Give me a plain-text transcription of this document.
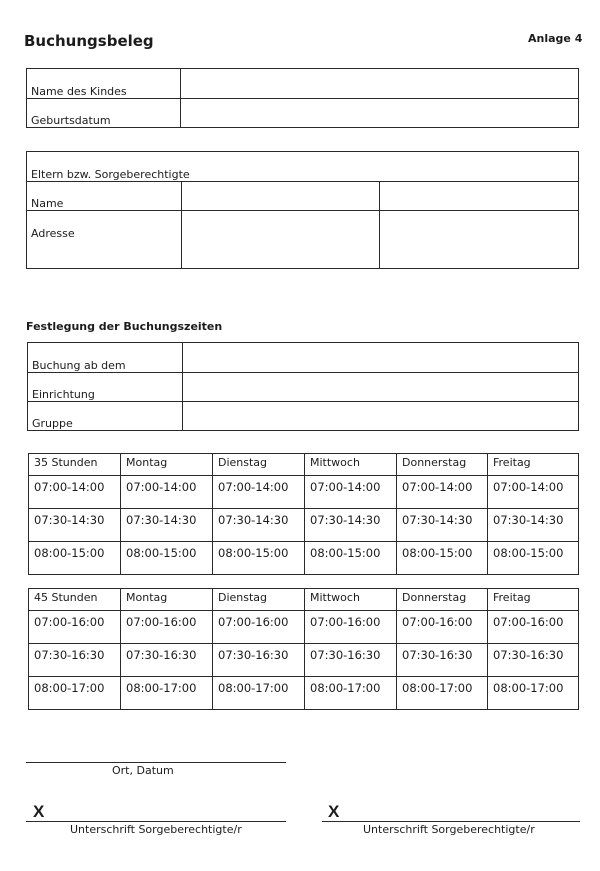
Buchungsbeleg	Anlage 4
Name des Kindes	
Geburtsdatum	
Eltern bzw. Sorgeberechtigte		
Name		
Adresse		
Festlegung der Buchungszeiten
Buchung ab dem	
Einrichtung	
Gruppe	
35 Stunden	Montag	Dienstag	Mittwoch	Donnerstag	Freitag
07:00-14:00	07:00-14:00	07:00-14:00	07:00-14:00	07:00-14:00	07:00-14:00
07:30-14:30	07:30-14:30	07:30-14:30	07:30-14:30	07:30-14:30	07:30-14:30
08:00-15:00	08:00-15:00	08:00-15:00	08:00-15:00	08:00-15:00	08:00-15:00
45 Stunden	Montag	Dienstag	Mittwoch	Donnerstag	Freitag
07:00-16:00	07:00-16:00	07:00-16:00	07:00-16:00	07:00-16:00	07:00-16:00
07:30-16:30	07:30-16:30	07:30-16:30	07:30-16:30	07:30-16:30	07:30-16:30
08:00-17:00	08:00-17:00	08:00-17:00	08:00-17:00	08:00-17:00	08:00-17:00
Ort, Datum
X
Unterschrift Sorgeberechtigte/r
X
Unterschrift Sorgeberechtigte/r
